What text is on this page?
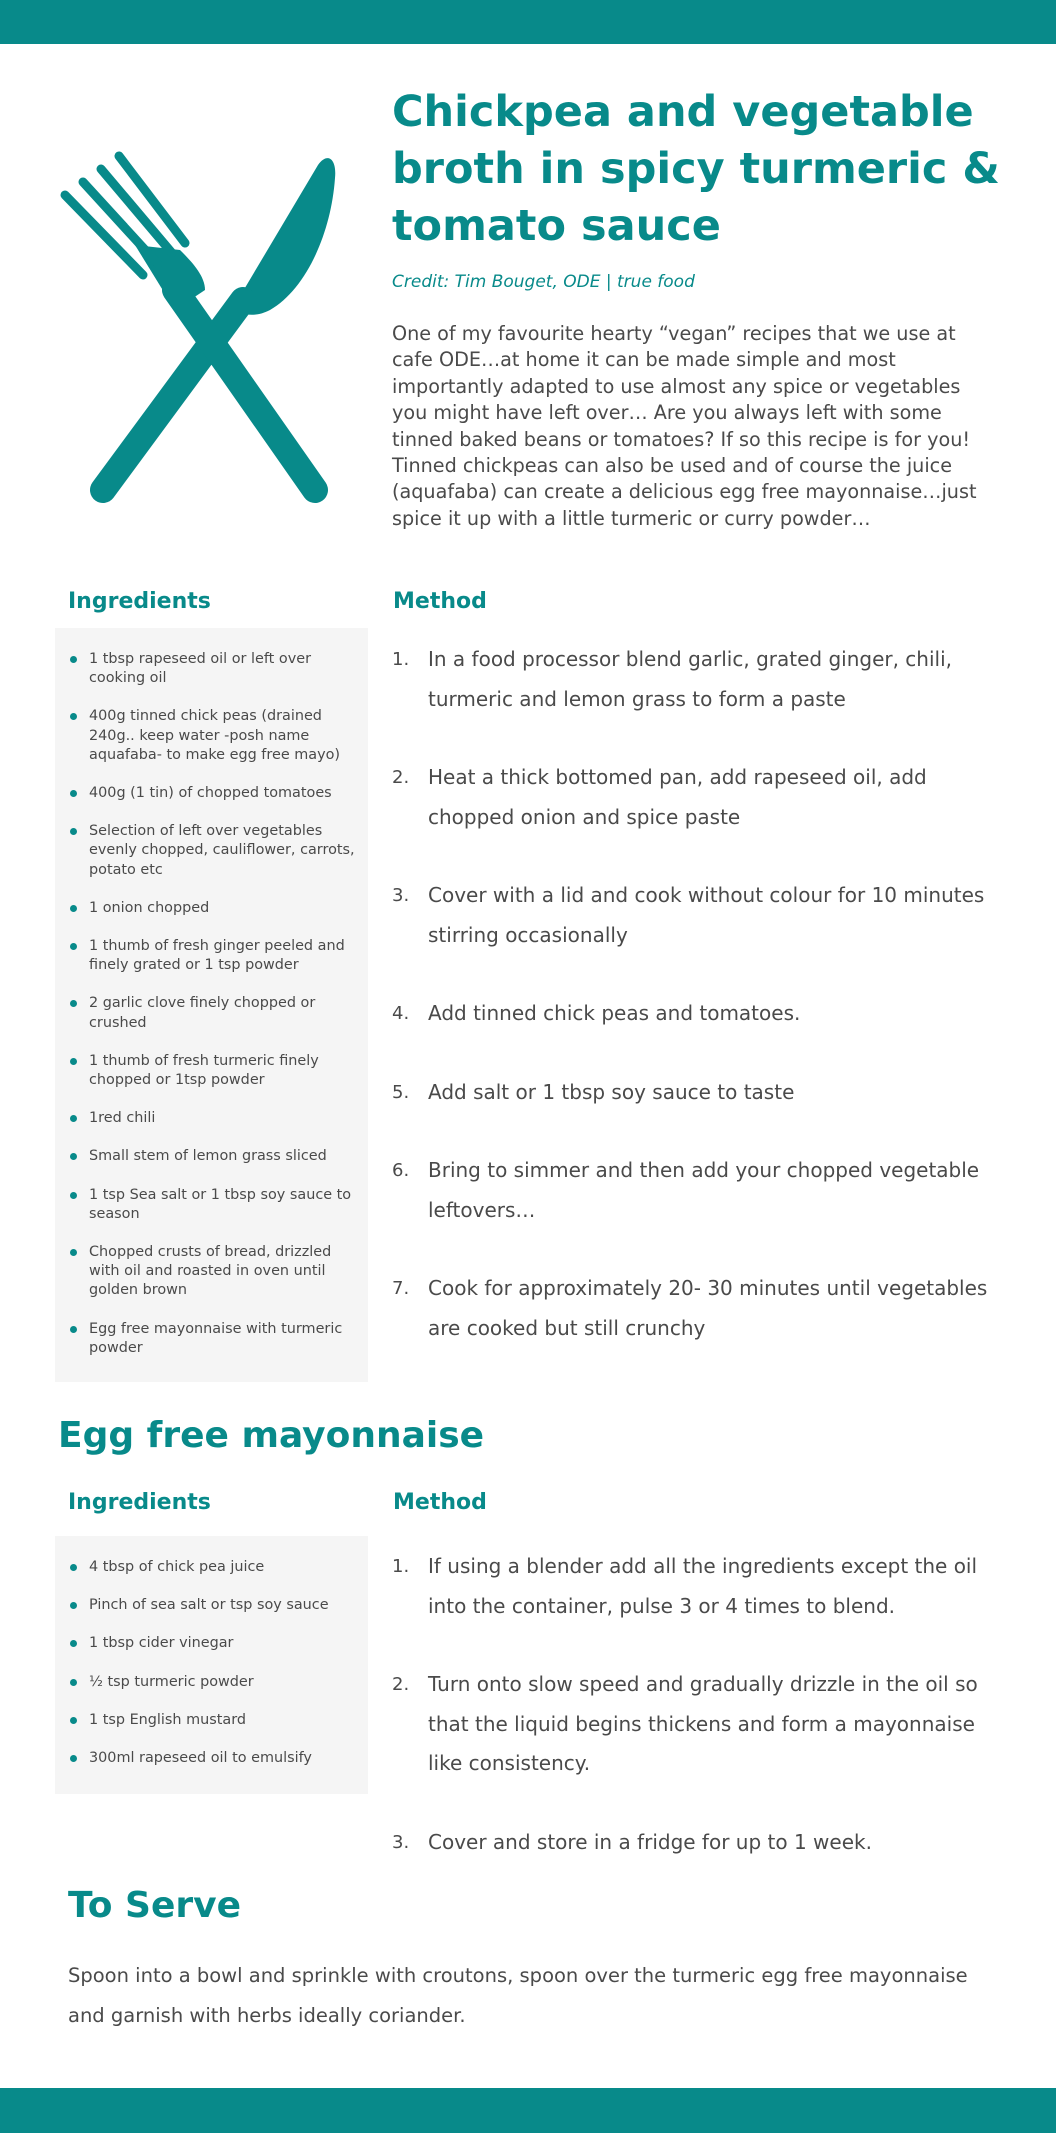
Chickpea and vegetable broth in spicy turmeric & tomato sauce
Credit: Tim Bouget, ODE | true food

One of my favourite hearty “vegan” recipes that we use at cafe ODE…at home it can be made simple and most importantly adapted to use almost any spice or vegetables you might have left over… Are you always left with some tinned baked beans or tomatoes? If so this recipe is for you! Tinned chickpeas can also be used and of course the juice (aquafaba) can create a delicious egg free mayonnaise…just spice it up with a little turmeric or curry powder…

Ingredients	Method
1 tbsp rapeseed oil or left over cooking oil
400g tinned chick peas (drained 240g.. keep water -posh name aquafaba- to make egg free mayo)
400g (1 tin) of chopped tomatoes
Selection of left over vegetables evenly chopped, cauliflower, carrots, potato etc
1 onion chopped
1 thumb of fresh ginger peeled and finely grated or 1 tsp powder
2 garlic clove finely chopped or crushed
1 thumb of fresh turmeric finely chopped or 1tsp powder
1red chili
Small stem of lemon grass sliced
1 tsp Sea salt or 1 tbsp soy sauce to season
Chopped crusts of bread, drizzled with oil and roasted in oven until golden brown
Egg free mayonnaise with turmeric powder
1. In a food processor blend garlic, grated ginger, chili, turmeric and lemon grass to form a paste
2. Heat a thick bottomed pan, add rapeseed oil, add chopped onion and spice paste
3. Cover with a lid and cook without colour for 10 minutes stirring occasionally
4. Add tinned chick peas and tomatoes.
5. Add salt or 1 tbsp soy sauce to taste
6. Bring to simmer and then add your chopped vegetable leftovers…
7. Cook for approximately 20- 30 minutes until vegetables are cooked but still crunchy
Egg free mayonnaise
Ingredients	Method
4 tbsp of chick pea juice
Pinch of sea salt or tsp soy sauce
1 tbsp cider vinegar
½ tsp turmeric powder
1 tsp English mustard
300ml rapeseed oil to emulsify
1. If using a blender add all the ingredients except the oil into the container, pulse 3 or 4 times to blend.
2. Turn onto slow speed and gradually drizzle in the oil so that the liquid begins thickens and form a mayonnaise like consistency.
3. Cover and store in a fridge for up to 1 week.
To Serve

Spoon into a bowl and sprinkle with croutons, spoon over the turmeric egg free mayonnaise and garnish with herbs ideally coriander.
